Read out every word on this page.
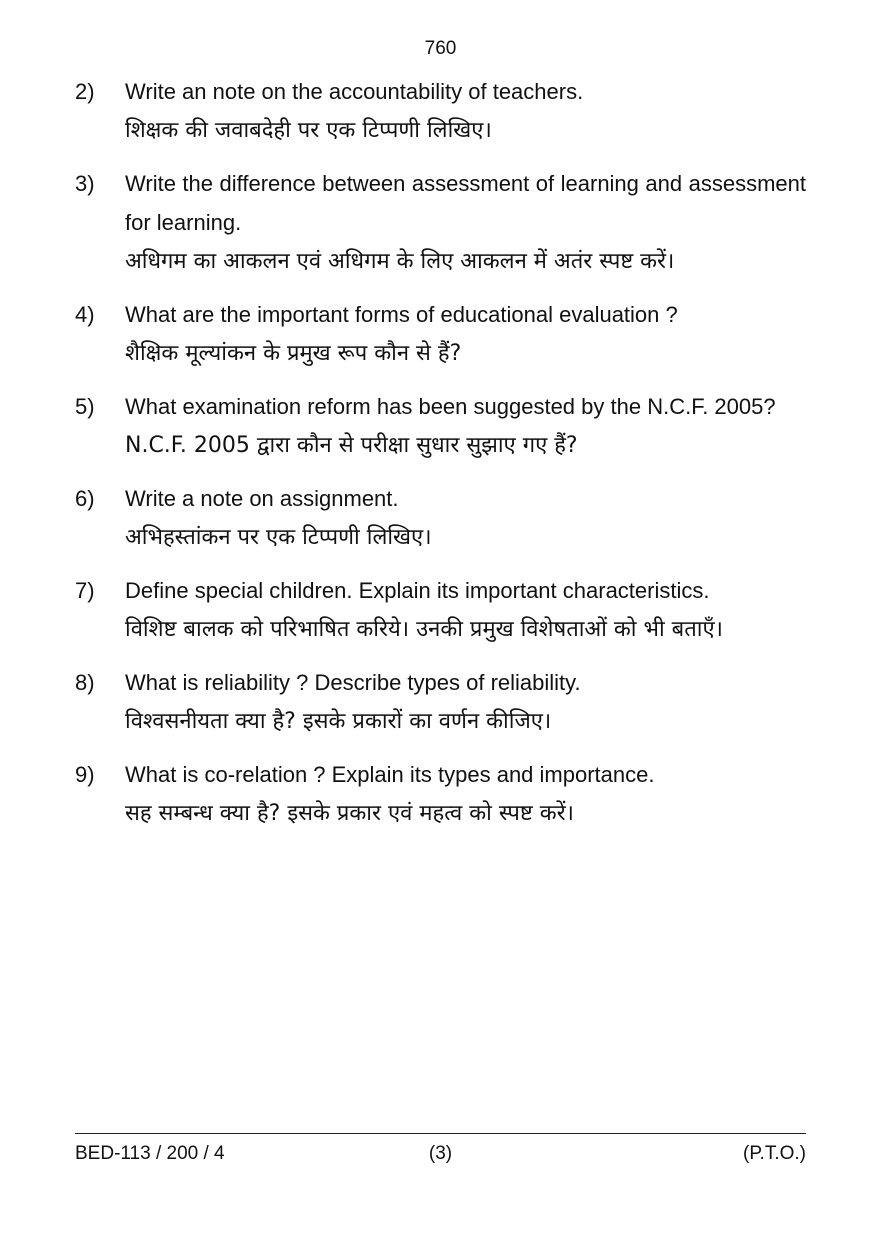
760
2)	Write an note on the accountability of teachers.
शिक्षक की जवाबदेही पर एक टिप्पणी लिखिए।
3)	Write the difference between assessment of learning and assessment for learning.
अधिगम का आकलन एवं अधिगम के लिए आकलन में अतंर स्पष्ट करें।
4)	What are the important forms of educational evaluation ?
शैक्षिक मूल्यांकन के प्रमुख रूप कौन से हैं?
5)	What examination reform has been suggested by the N.C.F. 2005?
N.C.F. 2005 द्वारा कौन से परीक्षा सुधार सुझाए गए हैं?
6)	Write a note on assignment.
अभिहस्तांकन पर एक टिप्पणी लिखिए।
7)	Define special children. Explain its important characteristics.
विशिष्ट बालक को परिभाषित करिये। उनकी प्रमुख विशेषताओं को भी बताएँ।
8)	What is reliability ? Describe types of reliability.
विश्वसनीयता क्या है? इसके प्रकारों का वर्णन कीजिए।
9)	What is co-relation ? Explain its types and importance.
सह सम्बन्ध क्या है? इसके प्रकार एवं महत्व को स्पष्ट करें।
BED-113 / 200 / 4	(3)	(P.T.O.)
